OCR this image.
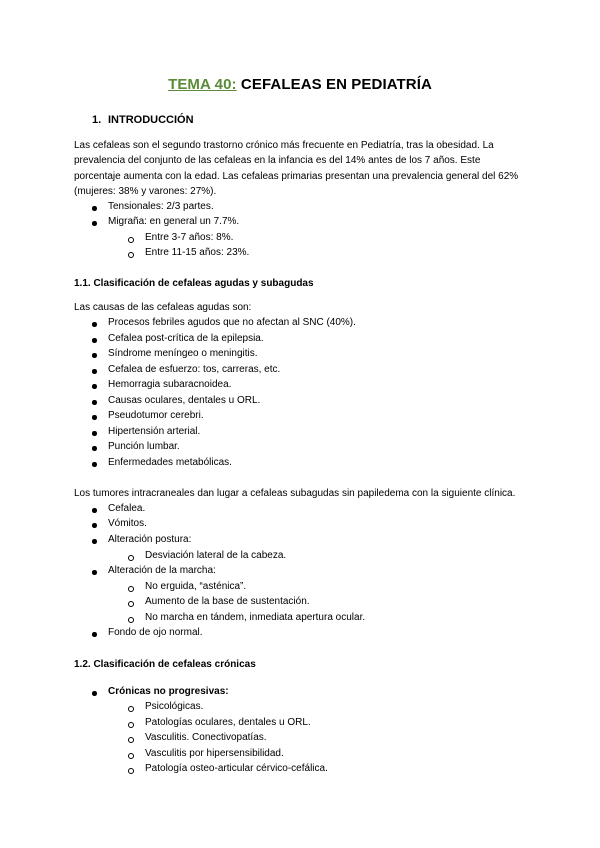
TEMA 40: CEFALEAS EN PEDIATRÍA
1. INTRODUCCIÓN
Las cefaleas son el segundo trastorno crónico más frecuente en Pediatría, tras la obesidad. La prevalencia del conjunto de las cefaleas en la infancia es del 14% antes de los 7 años. Este porcentaje aumenta con la edad. Las cefaleas primarias presentan una prevalencia general del 62% (mujeres: 38% y varones: 27%).
Tensionales: 2/3 partes.
Migraña: en general un 7.7%.
Entre 3-7 años: 8%.
Entre 11-15 años: 23%.
1.1. Clasificación de cefaleas agudas y subagudas
Las causas de las cefaleas agudas son:
Procesos febriles agudos que no afectan al SNC (40%).
Cefalea post-crítica de la epilepsia.
Síndrome meníngeo o meningitis.
Cefalea de esfuerzo: tos, carreras, etc.
Hemorragia subaracnoidea.
Causas oculares, dentales u ORL.
Pseudotumor cerebri.
Hipertensión arterial.
Punción lumbar.
Enfermedades metabólicas.
Los tumores intracraneales dan lugar a cefaleas subagudas sin papiledema con la siguiente clínica.
Cefalea.
Vómitos.
Alteración postura:
Desviación lateral de la cabeza.
Alteración de la marcha:
No erguida, “asténica”.
Aumento de la base de sustentación.
No marcha en tándem, inmediata apertura ocular.
Fondo de ojo normal.
1.2. Clasificación de cefaleas crónicas
Crónicas no progresivas:
Psicológicas.
Patologías oculares, dentales u ORL.
Vasculitis. Conectivopatías.
Vasculitis por hipersensibilidad.
Patología osteo-articular cérvico-cefálica.
